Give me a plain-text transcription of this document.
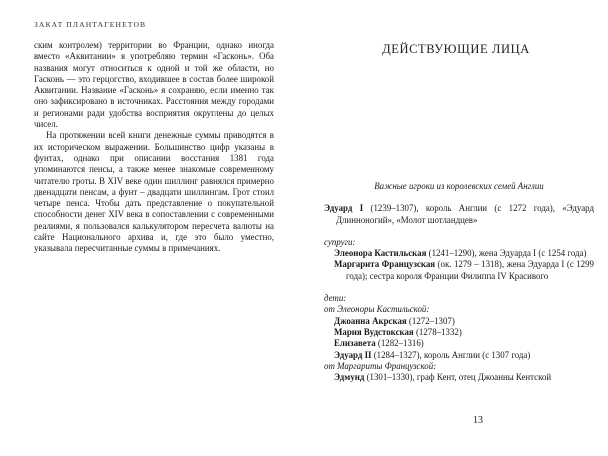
ЗАКАТ ПЛАНТАГЕНЕТОВ

ским контролем) территории во Франции, однако иногда вместо «Аквитании» я употребляю термин «Гасконь». Оба названия могут относиться к одной и той же области, но Гасконь — это герцогство, входившее в состав более широкой Аквитании. Название «Гасконь» я сохраняю, если именно так оно зафиксировано в источниках. Расстояния между городами и регионами ради удобства восприятия округлены до целых чисел.

На протяжении всей книги денежные суммы приводятся в их историческом выражении. Большинство цифр указаны в фунтах, однако при описании восстания 1381 года упоминаются пенсы, а также менее знакомые современному читателю гроты. В XIV веке один шиллинг равнялся примерно двенадцати пенсам, а фунт – двадцати шиллингам. Грот стоил четыре пенса. Чтобы дать представление о покупательной способности денег XIV века в сопоставлении с современными реалиями, я пользовался калькулятором пересчета валюты на сайте Национального архива и, где это было уместно, указывала пересчитанные суммы в примечаниях.

ДЕЙСТВУЮЩИЕ ЛИЦА

Важные игроки из королевских семей Англии

Эдуард I (1239–1307), король Англии (с 1272 года), «Эдуард Длинноногий», «Молот шотландцев»

супруги:

Элеонора Кастильская (1241–1290), жена Эдуарда I (с 1254 года)

Маргарита Французская (ок. 1279 – 1318), жена Эдуарда I (с 1299 года); сестра короля Франции Филиппа IV Красивого

дети:

от Элеоноры Кастильской:

Джоанна Акрская (1272–1307)

Мария Вудстокская (1278–1332)

Елизавета (1282–1316)

Эдуард II (1284–1327), король Англии (с 1307 года)

от Маргариты Французской:

Эдмунд (1301–1330), граф Кент, отец Джоанны Кентской

13
